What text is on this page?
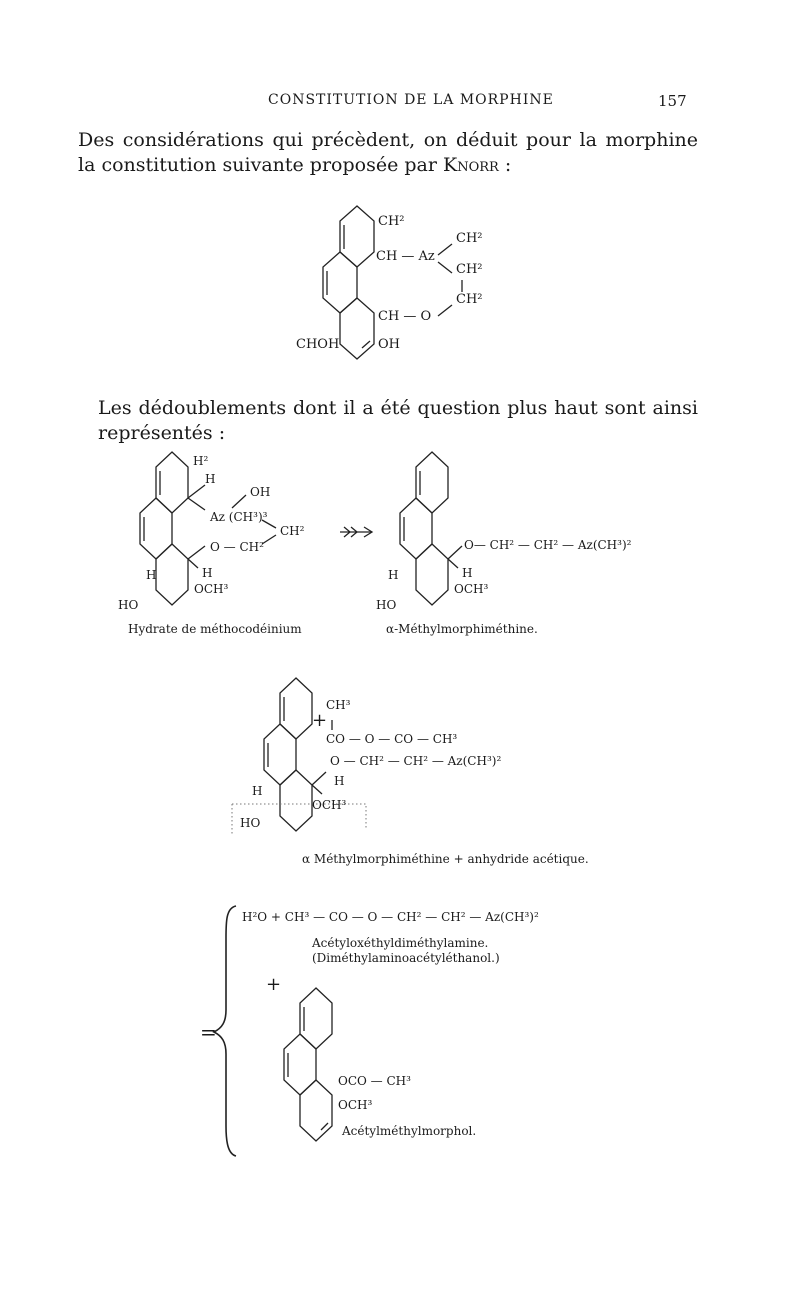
CONSTITUTION DE LA MORPHINE	157
Des considérations qui précèdent, on déduit pour la morphine la constitution suivante proposée par Knorr :
CH²
CH — Az
CH²
CH²
CH²
CH — O
CHOH	OH
Les dédoublements dont il a été question plus haut sont ainsi représentés :
H²
H
OH
Az (CH³)³
CH²
O — CH²
H	H
OCH³
HO
Hydrate de méthocodéinium
O— CH² — CH² — Az(CH³)²
H	H
OCH³
HO
α-Méthylmorphiméthine.
CH³
+
CO — O — CO — CH³
O — CH² — CH² — Az(CH³)²
H
H
OCH³
HO
α Méthylmorphiméthine + anhydride acétique.
=
+
H²O + CH³ — CO — O — CH² — CH² — Az(CH³)²
Acétyloxéthyldiméthylamine.
(Diméthylaminoacétyléthanol.)
OCO — CH³
OCH³
Acétylméthylmorphol.
